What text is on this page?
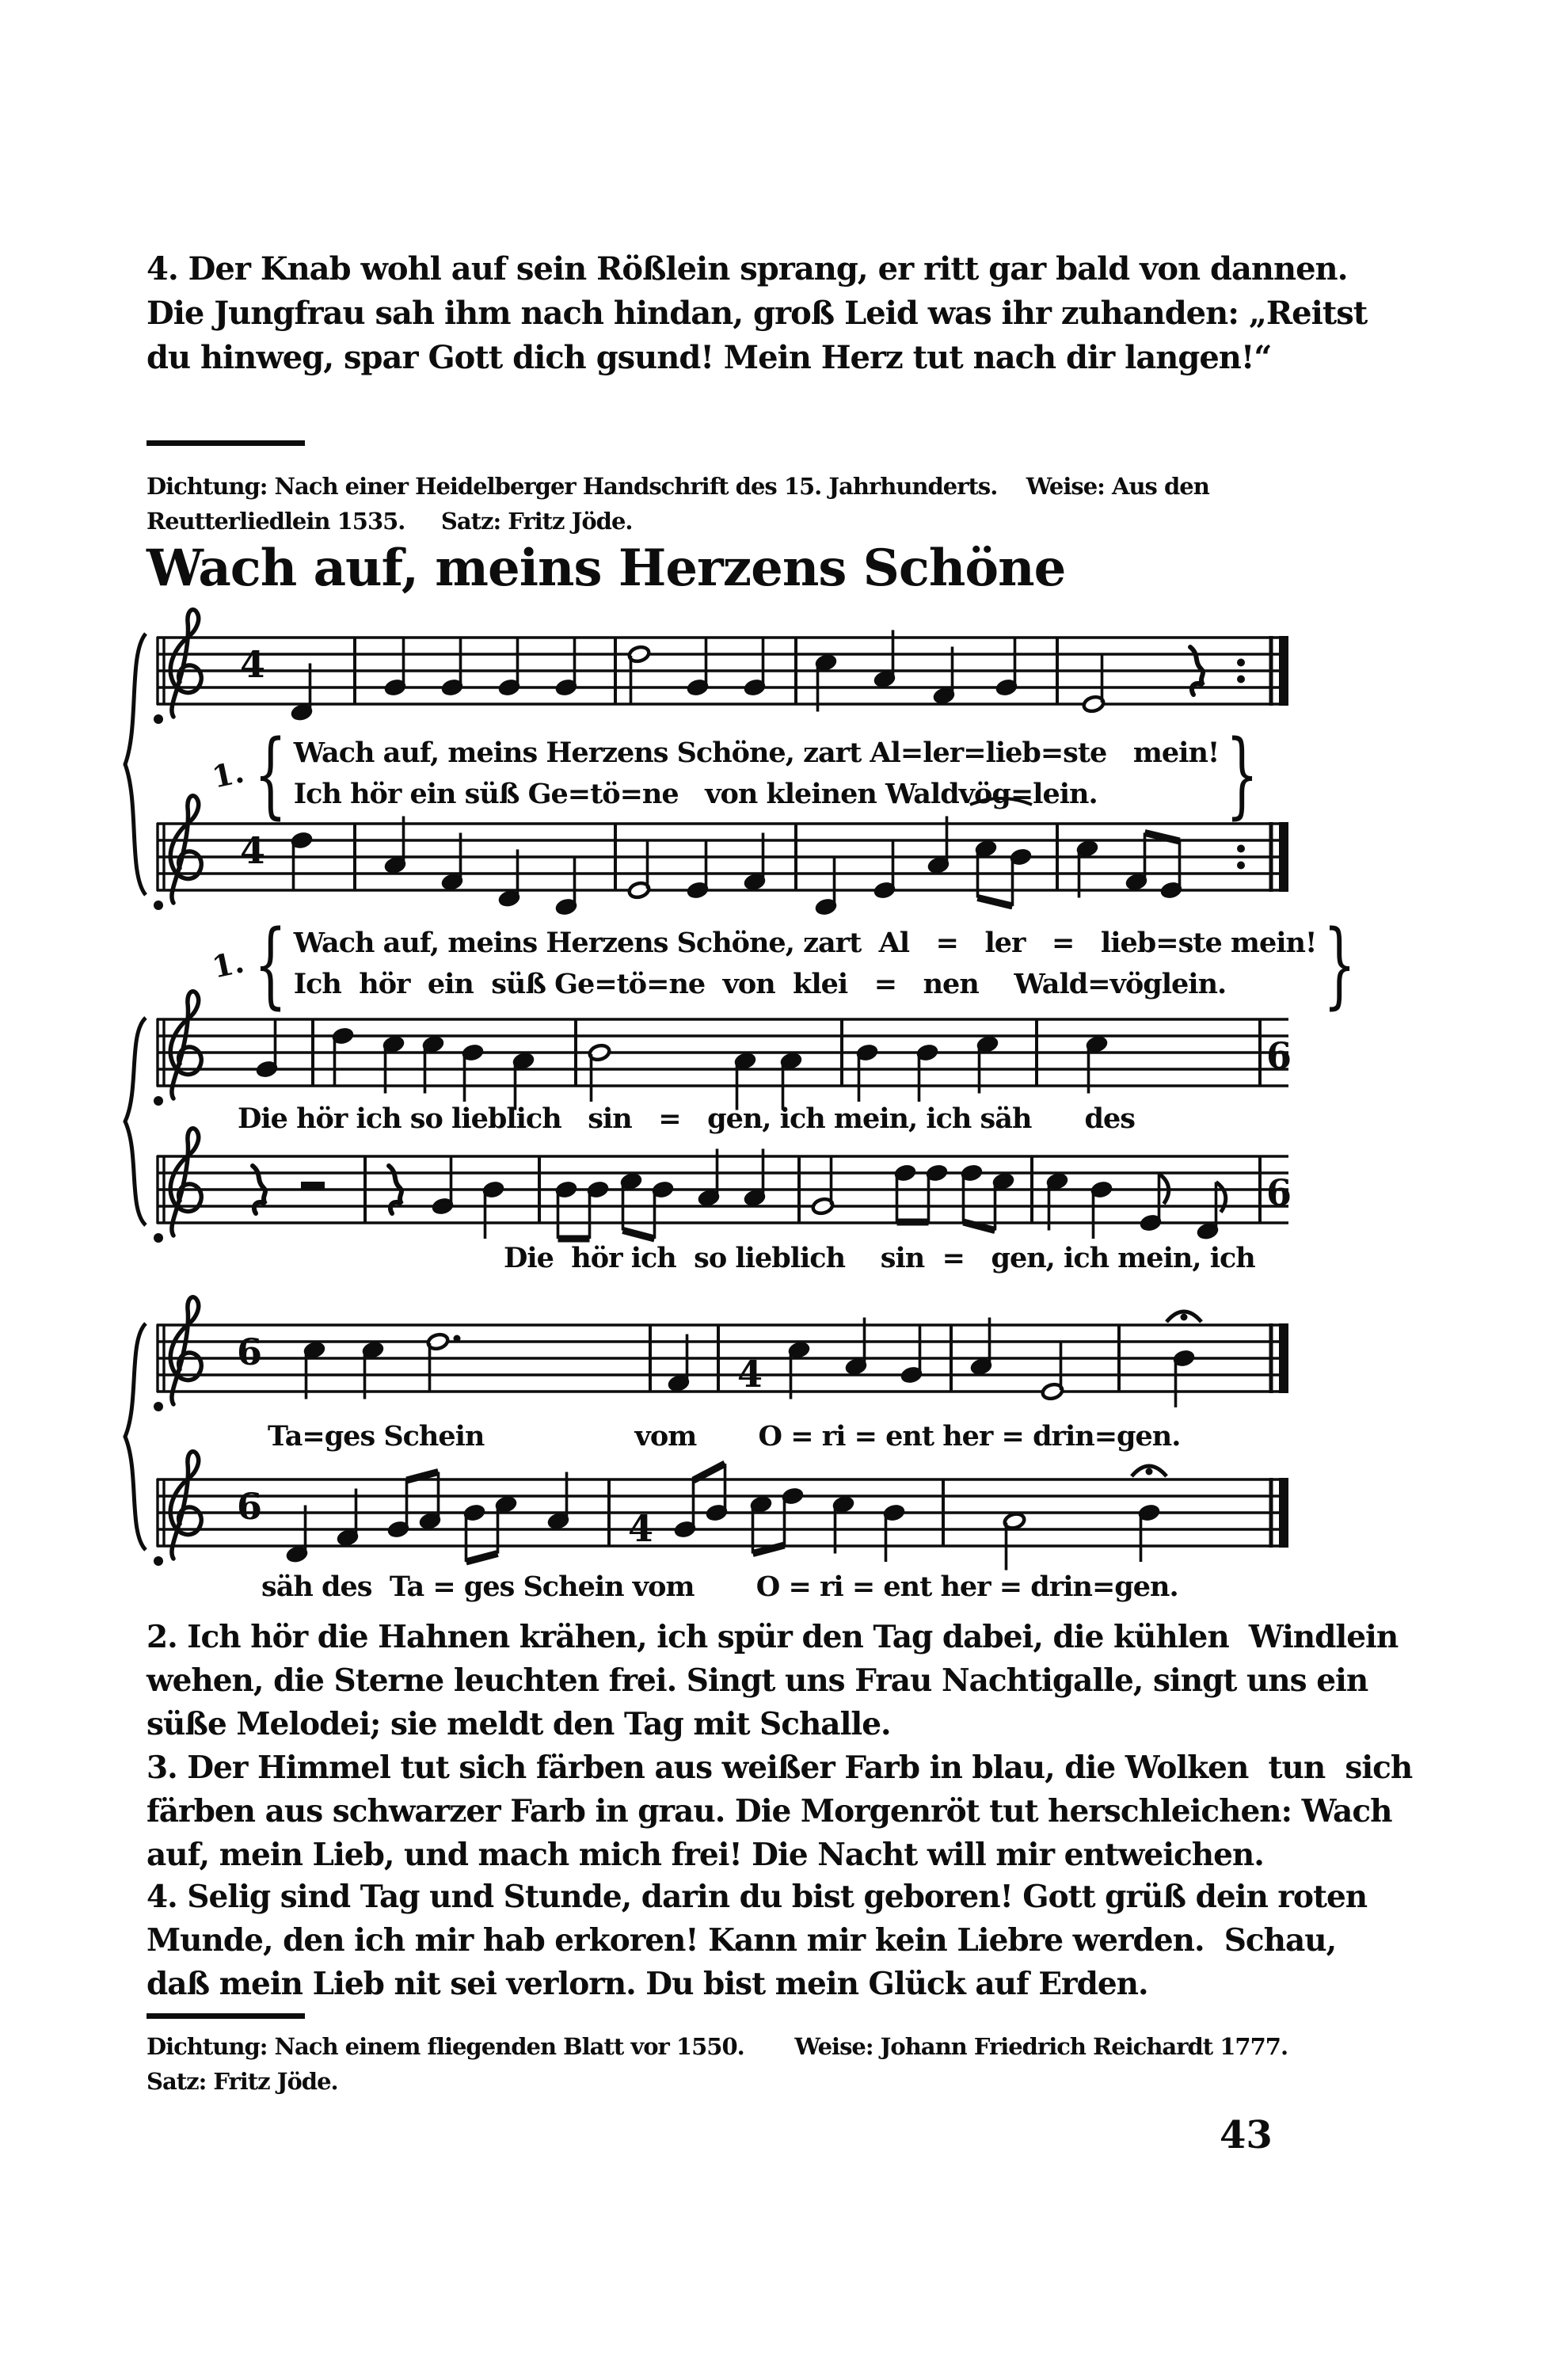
4. Der Knab wohl auf sein Rößlein sprang, er ritt gar bald von dannen.
Die Jungfrau sah ihm nach hindan, groß Leid was ihr zuhanden: „Reitst
du hinweg, spar Gott dich gsund! Mein Herz tut nach dir langen!“
Dichtung: Nach einer Heidelberger Handschrift des 15. Jahrhunderts.    Weise: Aus den
Reutterliedlein 1535.     Satz: Fritz Jöde.
Wach auf, meins Herzens Schöne
4
4
6
6
6
4
6
4
1. { Wach auf, meins Herzens Schöne, zart Al=ler=lieb=ste   mein!
Ich hör ein süß Ge=tö=ne   von kleinen Waldvög=lein.	}
1. { Wach auf, meins Herzens Schöne, zart  Al   =   ler   =   lieb=ste mein!
Ich  hör  ein  süß Ge=tö=ne  von  klei   =   nen    Wald=vöglein.	}
Die hör ich so lieblich   sin   =   gen, ich mein, ich säh      des
Die  hör ich  so lieblich    sin  =   gen, ich mein, ich
Ta=ges Schein                 vom       O = ri = ent her = drin=gen.
säh des  Ta = ges Schein vom       O = ri = ent her = drin=gen.
2. Ich hör die Hahnen krähen, ich spür den Tag dabei, die kühlen  Windlein
wehen, die Sterne leuchten frei. Singt uns Frau Nachtigalle, singt uns ein
süße Melodei; sie meldt den Tag mit Schalle.
3. Der Himmel tut sich färben aus weißer Farb in blau, die Wolken  tun  sich
färben aus schwarzer Farb in grau. Die Morgenröt tut herschleichen: Wach
auf, mein Lieb, und mach mich frei! Die Nacht will mir entweichen.
4. Selig sind Tag und Stunde, darin du bist geboren! Gott grüß dein roten
Munde, den ich mir hab erkoren! Kann mir kein Liebre werden.  Schau,
daß mein Lieb nit sei verlorn. Du bist mein Glück auf Erden.
Dichtung: Nach einem fliegenden Blatt vor 1550.       Weise: Johann Friedrich Reichardt 1777.
Satz: Fritz Jöde.
43
